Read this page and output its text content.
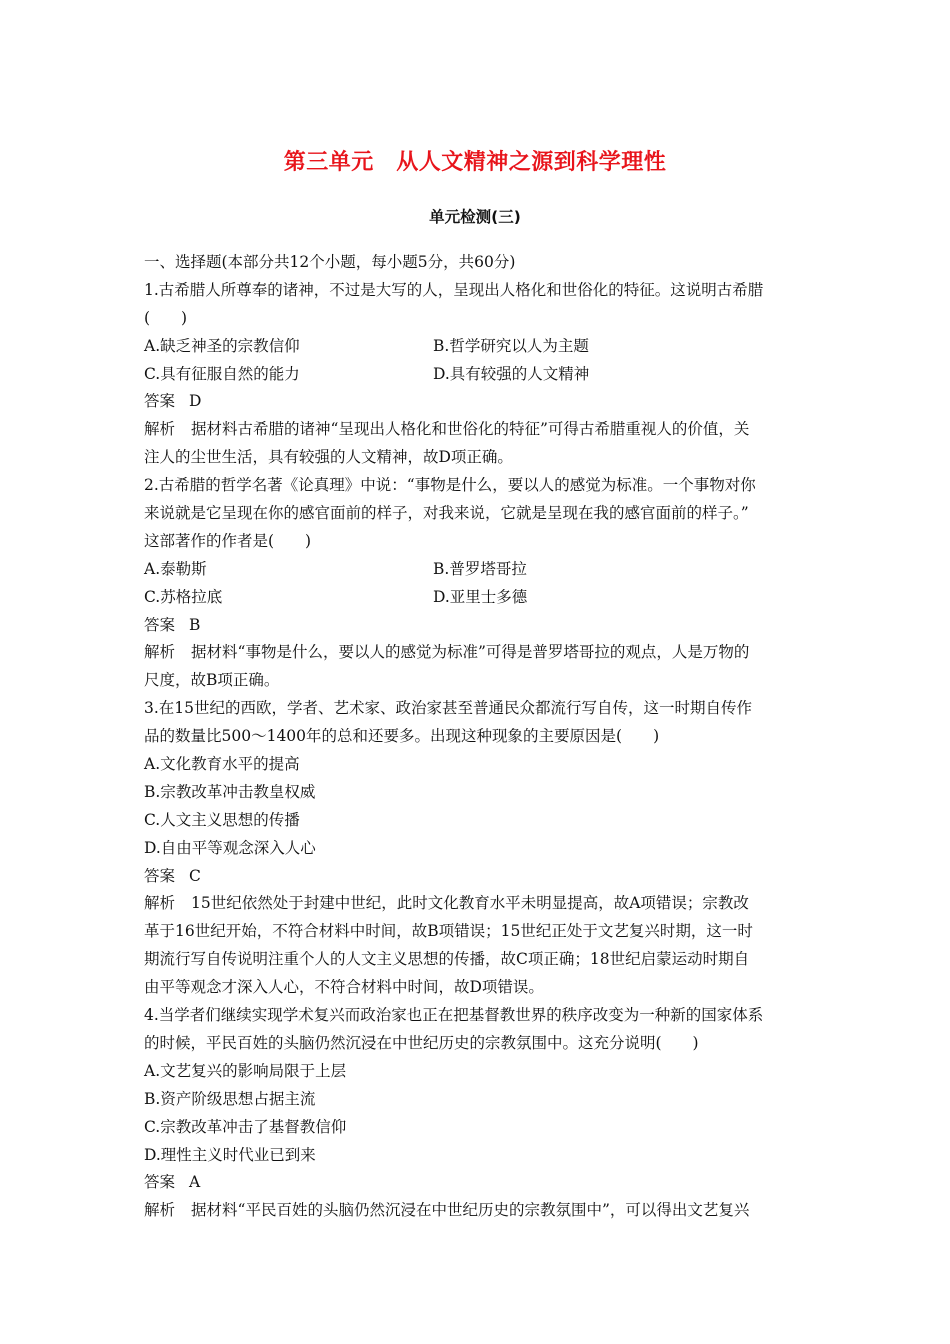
第三单元　从人文精神之源到科学理性
单元检测(三)
一、选择题(本部分共12个小题，每小题5分，共60分)
1.古希腊人所尊奉的诸神，不过是大写的人，呈现出人格化和世俗化的特征。这说明古希腊
(　　)
A.缺乏神圣的宗教信仰	B.哲学研究以人为主题
C.具有征服自然的能力	D.具有较强的人文精神
答案 D
解析 据材料古希腊的诸神“呈现出人格化和世俗化的特征”可得古希腊重视人的价值，关
注人的尘世生活，具有较强的人文精神，故D项正确。
2.古希腊的哲学名著《论真理》中说：“事物是什么，要以人的感觉为标准。一个事物对你
来说就是它呈现在你的感官面前的样子，对我来说，它就是呈现在我的感官面前的样子。”
这部著作的作者是(　　)
A.泰勒斯	B.普罗塔哥拉
C.苏格拉底	D.亚里士多德
答案 B
解析 据材料“事物是什么，要以人的感觉为标准”可得是普罗塔哥拉的观点，人是万物的
尺度，故B项正确。
3.在15世纪的西欧，学者、艺术家、政治家甚至普通民众都流行写自传，这一时期自传作
品的数量比500～1400年的总和还要多。出现这种现象的主要原因是(　　)
A.文化教育水平的提高
B.宗教改革冲击教皇权威
C.人文主义思想的传播
D.自由平等观念深入人心
答案 C
解析 15世纪依然处于封建中世纪，此时文化教育水平未明显提高，故A项错误；宗教改
革于16世纪开始，不符合材料中时间，故B项错误；15世纪正处于文艺复兴时期，这一时
期流行写自传说明注重个人的人文主义思想的传播，故C项正确；18世纪启蒙运动时期自
由平等观念才深入人心，不符合材料中时间，故D项错误。
4.当学者们继续实现学术复兴而政治家也正在把基督教世界的秩序改变为一种新的国家体系
的时候，平民百姓的头脑仍然沉浸在中世纪历史的宗教氛围中。这充分说明(　　)
A.文艺复兴的影响局限于上层
B.资产阶级思想占据主流
C.宗教改革冲击了基督教信仰
D.理性主义时代业已到来
答案 A
解析 据材料“平民百姓的头脑仍然沉浸在中世纪历史的宗教氛围中”，可以得出文艺复兴
